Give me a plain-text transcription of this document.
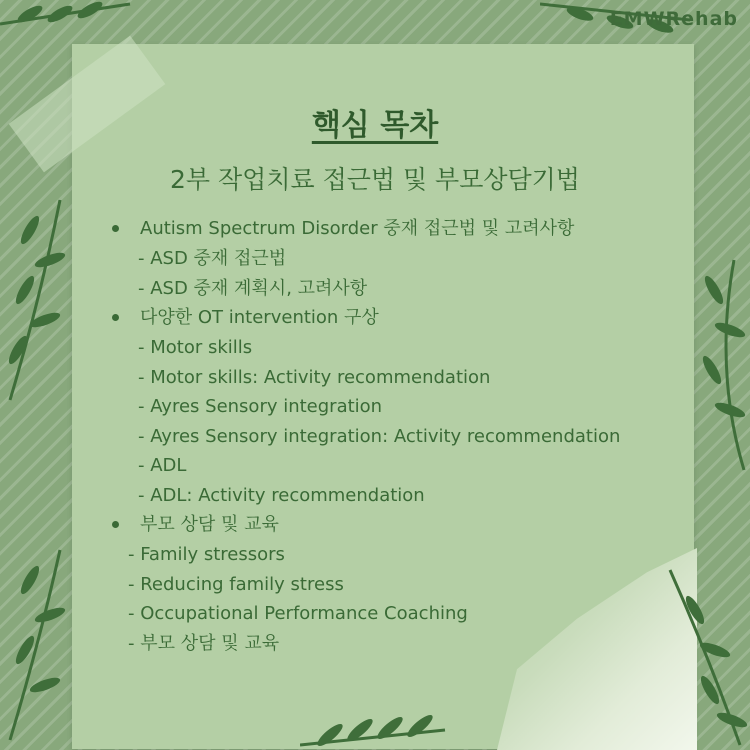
EMWRehab
핵심 목차
2부 작업치료 접근법 및 부모상담기법
Autism Spectrum Disorder 중재 접근법 및 고려사항
- ASD 중재 접근법
- ASD 중재 계획시, 고려사항
다양한 OT intervention 구상
- Motor skills
- Motor skills: Activity recommendation
- Ayres Sensory integration
- Ayres Sensory integration: Activity recommendation
- ADL
- ADL: Activity recommendation
부모 상담 및 교육
- Family stressors
- Reducing family stress
- Occupational Performance Coaching
- 부모 상담 및 교육
